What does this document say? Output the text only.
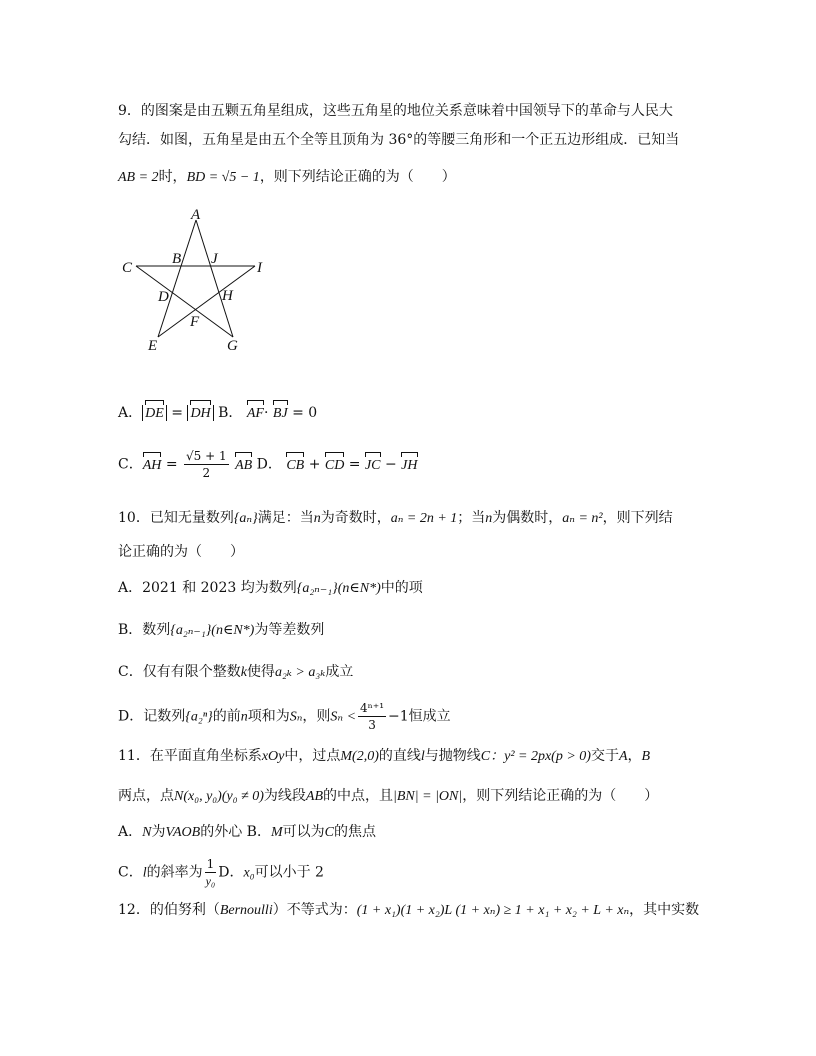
9．的图案是由五颗五角星组成，这些五角星的地位关系意味着中国领导下的革命与人民大
勾结．如图，五角星是由五个全等且顶角为 36°的等腰三角形和一个正五边形组成．已知当
AB = 2时，BD = √5 − 1，则下列结论正确的为（　　）
A
B J
C	I
D	H
F
E	G
A． DE = DH B． AF· BJ = 0
C．AH = $\frac{√5 + 1}{2}$ AB D． CB + CD = JC − JH
10．已知无量数列{aₙ}满足：当n为奇数时，aₙ = 2n + 1；当n为偶数时，aₙ = n²，则下列结
论正确的为（　　）
A．2021 和 2023 均为数列{a₂ₙ₋₁}(n∈N*)中的项
B．数列{a₂ₙ₋₁}(n∈N*)为等差数列
C．仅有有限个整数k使得a₂ₖ > a₃ₖ成立
D．记数列{a₂ⁿ}的前n项和为Sₙ，则$S_n < \frac{\text{4ⁿ⁺¹}}{3} -1$恒成立
11．在平面直角坐标系xOy中，过点M(2,0)的直线l与抛物线C：y² = 2px(p > 0)交于A，B
两点，点N(x₀, y₀)(y₀ ≠ 0)为线段AB的中点，且|BN| = |ON|，则下列结论正确的为（　　）
A．N为VAOB的外心 B．M可以为C的焦点
C．l的斜率为 $\frac{1}{\text{y₀}}$ D．x₀可以小于 2
12．的伯努利（Bernoulli）不等式为：(1 + x₁)(1 + x₂)L (1 + xₙ) ≥ 1 + x₁ + x₂ + L + xₙ，其中实数
